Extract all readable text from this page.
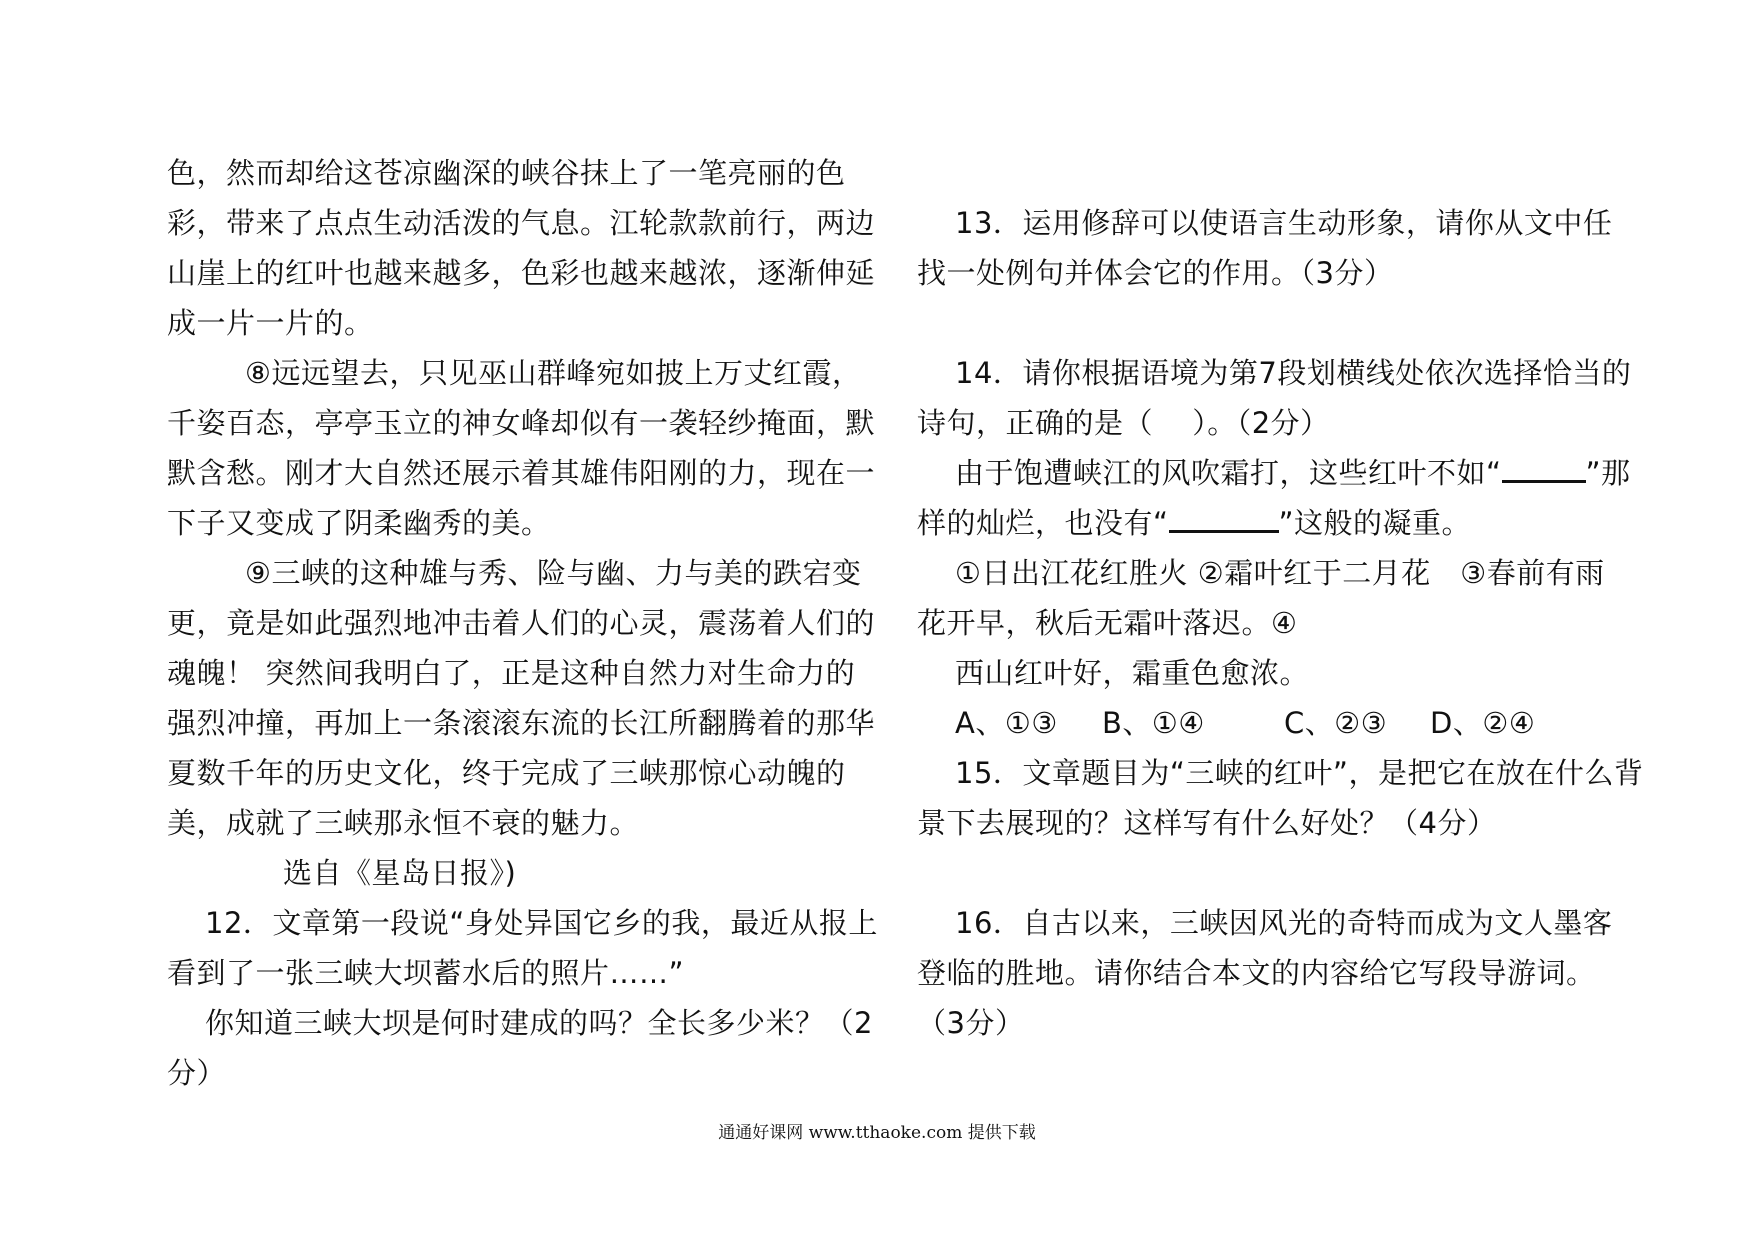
色，然而却给这苍凉幽深的峡谷抹上了一笔亮丽的色
彩，带来了点点生动活泼的气息。江轮款款前行，两边
山崖上的红叶也越来越多，色彩也越来越浓，逐渐伸延
成一片一片的。
⑧远远望去，只见巫山群峰宛如披上万丈红霞，
千姿百态，亭亭玉立的神女峰却似有一袭轻纱掩面，默
默含愁。刚才大自然还展示着其雄伟阳刚的力，现在一
下子又变成了阴柔幽秀的美。
⑨三峡的这种雄与秀、险与幽、力与美的跌宕变
更，竟是如此强烈地冲击着人们的心灵，震荡着人们的
魂魄！ 突然间我明白了，正是这种自然力对生命力的
强烈冲撞，再加上一条滚滚东流的长江所翻腾着的那华
夏数千年的历史文化，终于完成了三峡那惊心动魄的
美，成就了三峡那永恒不衰的魅力。
选自《星岛日报》)
12．文章第一段说“身处异国它乡的我，最近从报上
看到了一张三峡大坝蓄水后的照片……”
你知道三峡大坝是何时建成的吗？全长多少米？（2
分）
13．运用修辞可以使语言生动形象，请你从文中任
找一处例句并体会它的作用。（3分）
14．请你根据语境为第7段划横线处依次选择恰当的
诗句，正确的是（　 ）。（2分）
由于饱遭峡江的风吹霜打，这些红叶不如“	”那
样的灿烂，也没有“	”这般的凝重。
①日出江花红胜火 ②霜叶红于二月花　③春前有雨
花开早，秋后无霜叶落迟。④
西山红叶好，霜重色愈浓。
A、①③	B、①④	C、②③	D、②④
15．文章题目为“三峡的红叶”，是把它在放在什么背
景下去展现的？这样写有什么好处？（4分）
16．自古以来，三峡因风光的奇特而成为文人墨客
登临的胜地。请你结合本文的内容给它写段导游词。
（3分）
通通好课网 www.tthaoke.com 提供下载
